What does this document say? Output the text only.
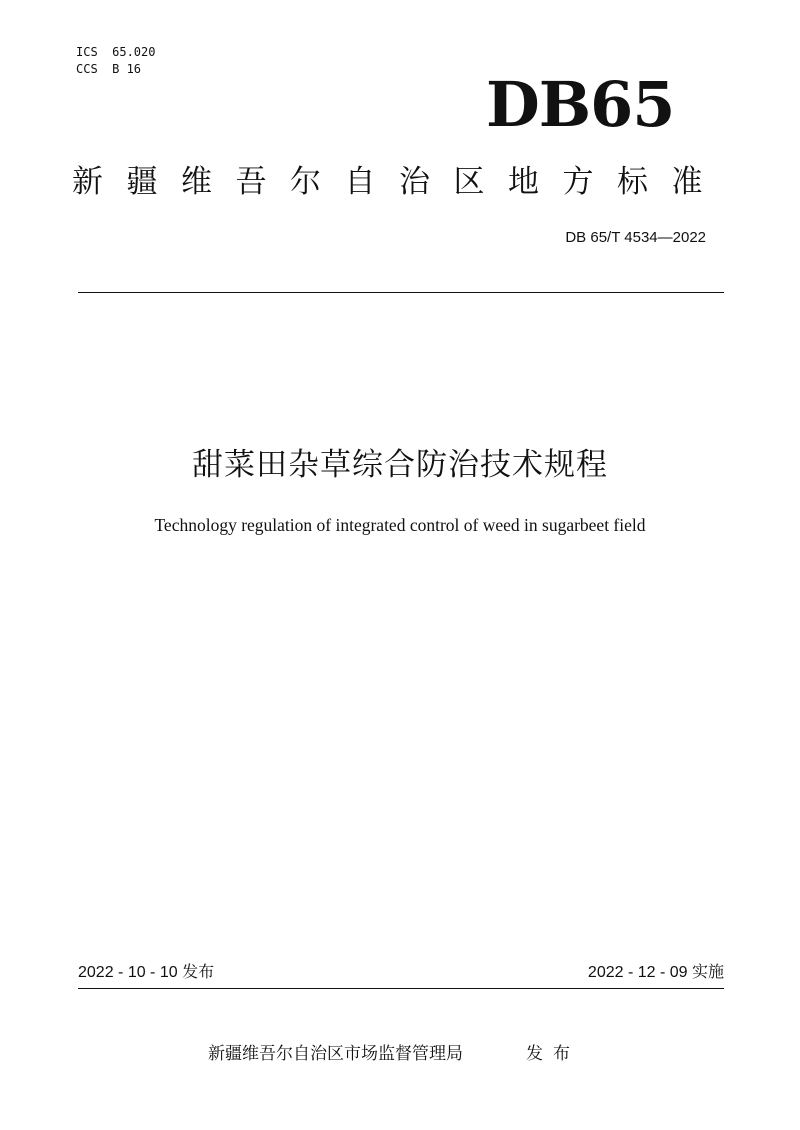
ICS  65.020
CCS  B 16	DB65
新疆维吾尔自治区地方标准
DB 65/T 4534—2022
甜菜田杂草综合防治技术规程
Technology regulation of integrated control of weed in sugarbeet field
2022 - 10 - 10 发布	2022 - 12 - 09 实施
新疆维吾尔自治区市场监督管理局	发布
